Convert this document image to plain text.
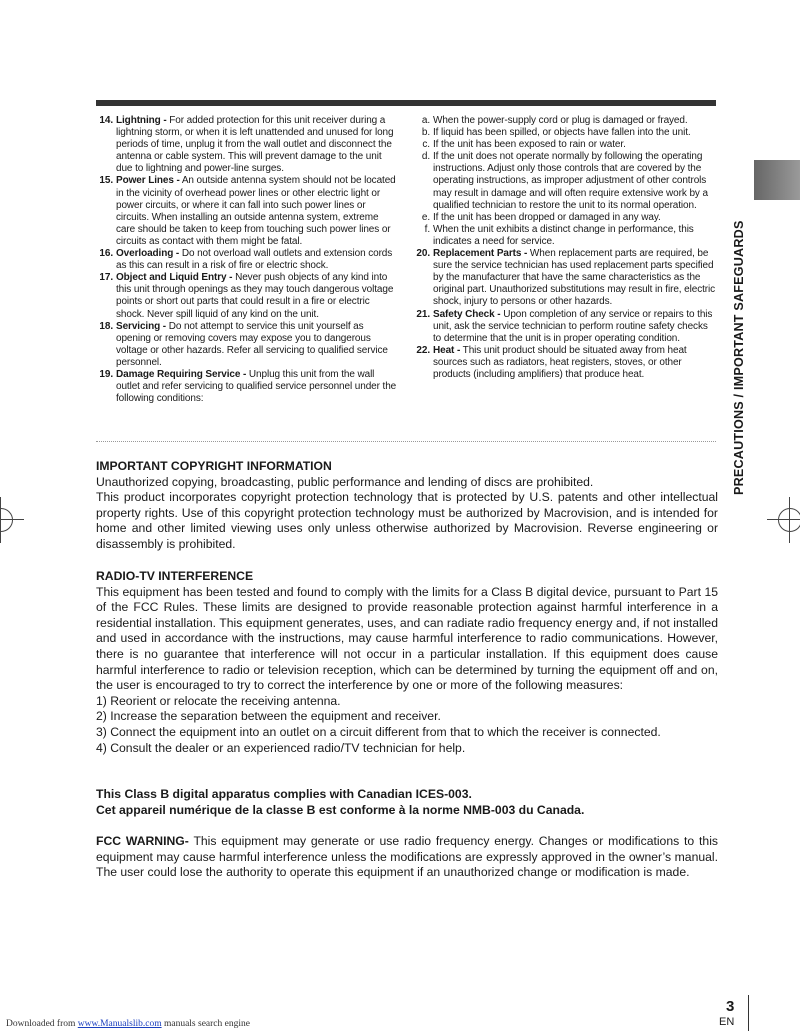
14. Lightning - For added protection for this unit receiver during a lightning storm, or when it is left unattended and unused for long periods of time, unplug it from the wall outlet and disconnect the antenna or cable system. This will prevent damage to the unit due to lightning and power-line surges.
15. Power Lines - An outside antenna system should not be located in the vicinity of overhead power lines or other electric light or power circuits, or where it can fall into such power lines or circuits. When installing an outside antenna system, extreme care should be taken to keep from touching such power lines or circuits as contact with them might be fatal.
16. Overloading - Do not overload wall outlets and extension cords as this can result in a risk of fire or electric shock.
17. Object and Liquid Entry - Never push objects of any kind into this unit through openings as they may touch dangerous voltage points or short out parts that could result in a fire or electric shock. Never spill liquid of any kind on the unit.
18. Servicing - Do not attempt to service this unit yourself as opening or removing covers may expose you to dangerous voltage or other hazards. Refer all servicing to qualified service personnel.
19. Damage Requiring Service - Unplug this unit from the wall outlet and refer servicing to qualified service personnel under the following conditions:
a. When the power-supply cord or plug is damaged or frayed.
b. If liquid has been spilled, or objects have fallen into the unit.
c. If the unit has been exposed to rain or water.
d. If the unit does not operate normally by following the operating instructions. Adjust only those controls that are covered by the operating instructions, as improper adjustment of other controls may result in damage and will often require extensive work by a qualified technician to restore the unit to its normal operation.
e. If the unit has been dropped or damaged in any way.
f. When the unit exhibits a distinct change in performance, this indicates a need for service.
20. Replacement Parts - When replacement parts are required, be sure the service technician has used replacement parts specified by the manufacturer that have the same characteristics as the original part. Unauthorized substitutions may result in fire, electric shock, injury to persons or other hazards.
21. Safety Check - Upon completion of any service or repairs to this unit, ask the service technician to perform routine safety checks to determine that the unit is in proper operating condition.
22. Heat - This unit product should be situated away from heat sources such as radiators, heat registers, stoves, or other products (including amplifiers) that produce heat.

IMPORTANT COPYRIGHT INFORMATION

Unauthorized copying, broadcasting, public performance and lending of discs are prohibited.

This product incorporates copyright protection technology that is protected by U.S. patents and other intellectual property rights. Use of this copyright protection technology must be authorized by Macrovision, and is intended for home and other limited viewing uses only unless otherwise authorized by Macrovision. Reverse engineering or disassembly is prohibited.

RADIO-TV INTERFERENCE

This equipment has been tested and found to comply with the limits for a Class B digital device, pursuant to Part 15 of the FCC Rules. These limits are designed to provide reasonable protection against harmful interference in a residential installation. This equipment generates, uses, and can radiate radio frequency energy and, if not installed and used in accordance with the instructions, may cause harmful interference to radio communications. However, there is no guarantee that interference will not occur in a particular installation. If this equipment does cause harmful interference to radio or television reception, which can be determined by turning the equipment off and on, the user is encouraged to try to correct the interference by one or more of the following measures:

1) Reorient or relocate the receiving antenna.

2) Increase the separation between the equipment and receiver.

3) Connect the equipment into an outlet on a circuit different from that to which the receiver is connected.

4) Consult the dealer or an experienced radio/TV technician for help.

This Class B digital apparatus complies with Canadian ICES-003.

Cet appareil numérique de la classe B est conforme à la norme NMB-003 du Canada.

FCC WARNING- This equipment may generate or use radio frequency energy. Changes or modifications to this equipment may cause harmful interference unless the modifications are expressly approved in the owner’s manual. The user could lose the authority to operate this equipment if an unauthorized change or modification is made.

PRECAUTIONS / IMPORTANT SAFEGUARDS
3
EN
Downloaded from www.Manualslib.com manuals search engine
